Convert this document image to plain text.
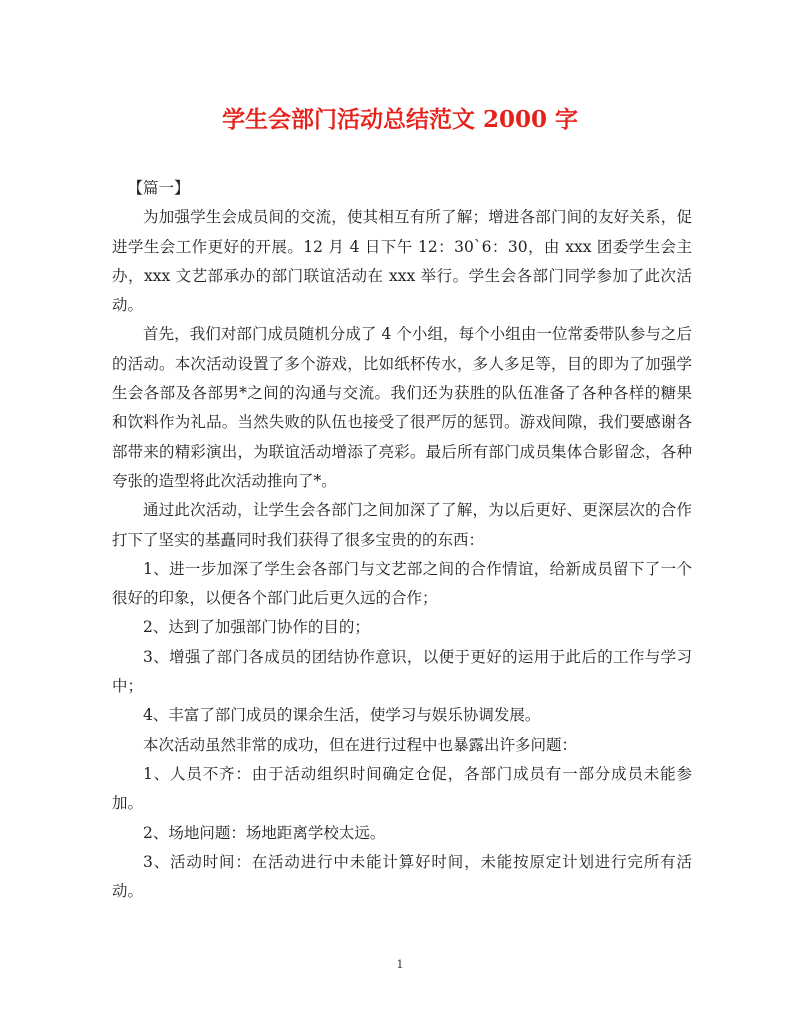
学生会部门活动总结范文 2000 字

【篇一】

为加强学生会成员间的交流，使其相互有所了解；增进各部门间的友好关系，促进学生会工作更好的开展。12 月 4 日下午 12：30`6：30，由 xxx 团委学生会主办，xxx 文艺部承办的部门联谊活动在 xxx 举行。学生会各部门同学参加了此次活动。

首先，我们对部门成员随机分成了 4 个小组，每个小组由一位常委带队参与之后的活动。本次活动设置了多个游戏，比如纸杯传水，多人多足等，目的即为了加强学生会各部及各部男*之间的沟通与交流。我们还为获胜的队伍准备了各种各样的糖果和饮料作为礼品。当然失败的队伍也接受了很严厉的惩罚。游戏间隙，我们要感谢各部带来的精彩演出，为联谊活动增添了亮彩。最后所有部门成员集体合影留念，各种夸张的造型将此次活动推向了*。

通过此次活动，让学生会各部门之间加深了了解，为以后更好、更深层次的合作打下了坚实的基矗同时我们获得了很多宝贵的的东西：

1、进一步加深了学生会各部门与文艺部之间的合作情谊，给新成员留下了一个很好的印象，以便各个部门此后更久远的合作；

2、达到了加强部门协作的目的；

3、增强了部门各成员的团结协作意识，以便于更好的运用于此后的工作与学习中；

4、丰富了部门成员的课余生活，使学习与娱乐协调发展。

本次活动虽然非常的成功，但在进行过程中也暴露出许多问题：

1、人员不齐：由于活动组织时间确定仓促，各部门成员有一部分成员未能参加。

2、场地问题：场地距离学校太远。

3、活动时间：在活动进行中未能计算好时间，未能按原定计划进行完所有活动。

1
